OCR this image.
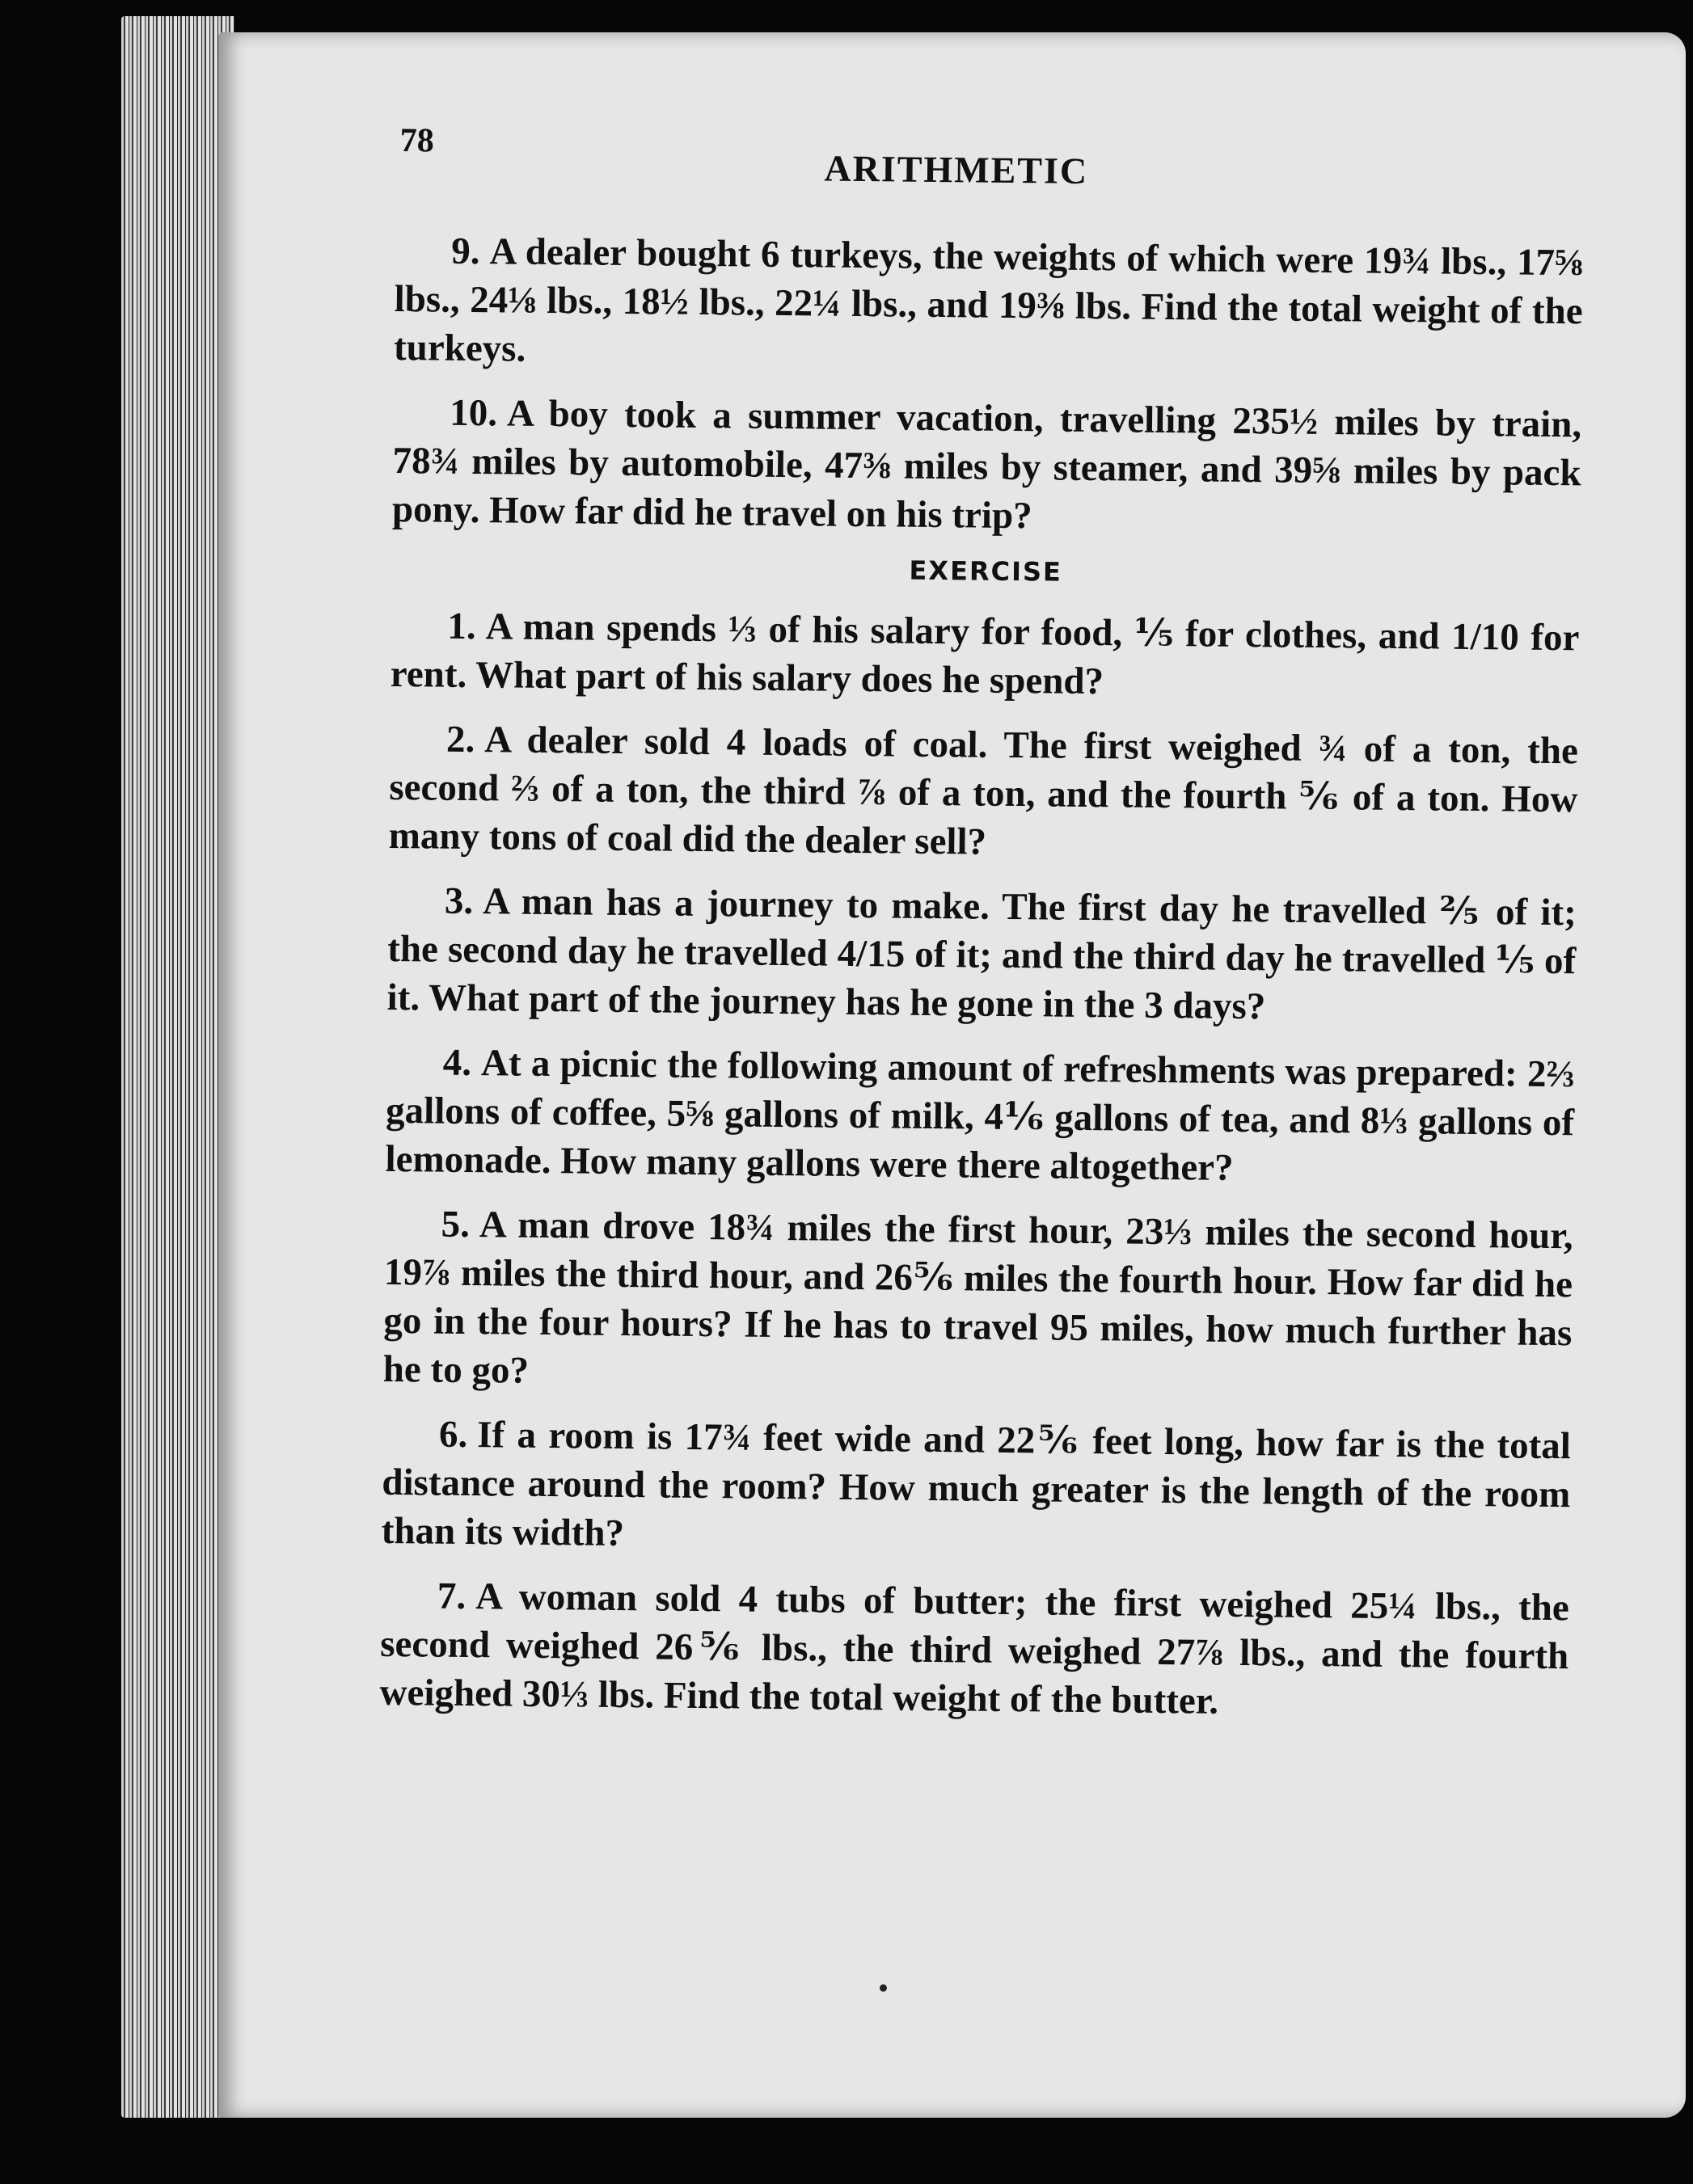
78
ARITHMETIC

9. A dealer bought 6 turkeys, the weights of which were 19¾ lbs., 17⅝ lbs., 24⅛ lbs., 18½ lbs., 22¼ lbs., and 19⅜ lbs. Find the total weight of the turkeys.

10. A boy took a summer vacation, travelling 235½ miles by train, 78¾ miles by automobile, 47⅜ miles by steamer, and 39⅝ miles by pack pony. How far did he travel on his trip?

EXERCISE

1. A man spends ⅓ of his salary for food, ⅕ for clothes, and 1/10 for rent. What part of his salary does he spend?

2. A dealer sold 4 loads of coal. The first weighed ¾ of a ton, the second ⅔ of a ton, the third ⅞ of a ton, and the fourth ⅚ of a ton. How many tons of coal did the dealer sell?

3. A man has a journey to make. The first day he travelled ⅖ of it; the second day he travelled 4/15 of it; and the third day he travelled ⅕ of it. What part of the journey has he gone in the 3 days?

4. At a picnic the following amount of refreshments was prepared: 2⅔ gallons of coffee, 5⅝ gallons of milk, 4⅙ gallons of tea, and 8⅓ gallons of lemonade. How many gallons were there altogether?

5. A man drove 18¾ miles the first hour, 23⅓ miles the second hour, 19⅞ miles the third hour, and 26⅚ miles the fourth hour. How far did he go in the four hours? If he has to travel 95 miles, how much further has he to go?

6. If a room is 17¾ feet wide and 22⅚ feet long, how far is the total distance around the room? How much greater is the length of the room than its width?

7. A woman sold 4 tubs of butter; the first weighed 25¼ lbs., the second weighed 26⅚ lbs., the third weighed 27⅞ lbs., and the fourth weighed 30⅓ lbs. Find the total weight of the butter.
